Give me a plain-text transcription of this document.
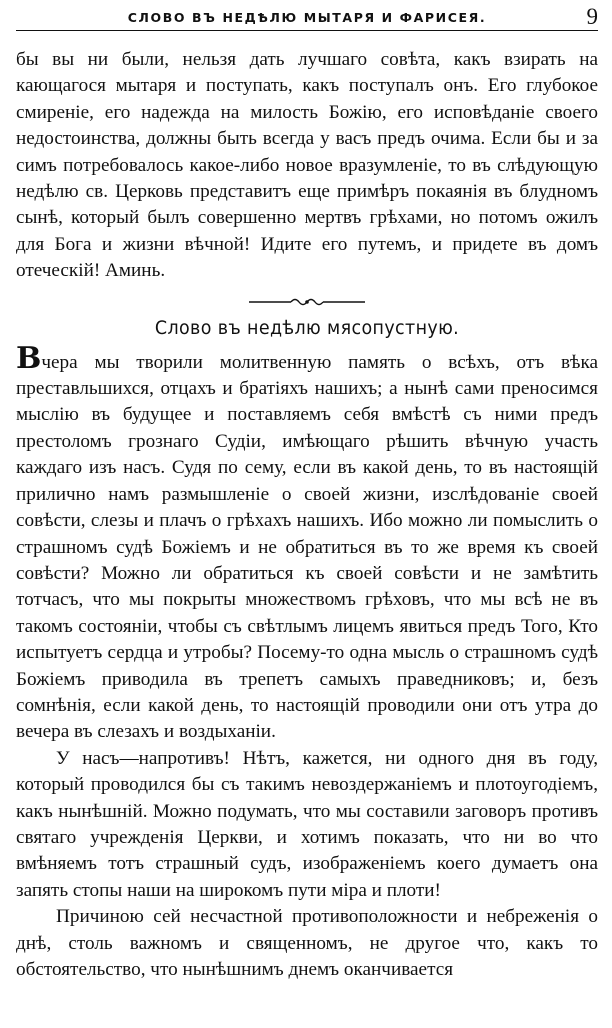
СЛОВО ВЪ НЕДѢЛЮ МЫТАРЯ И ФАРИСЕЯ.	9

бы вы ни были, нельзя дать лучшаго совѣта, какъ взирать на кающагося мытаря и поступать, какъ поступалъ онъ. Его глубокое смиреніе, его надежда на милость Божію, его исповѣданіе своего недостоинства, должны быть всегда у васъ предъ очима. Если бы и за симъ потребовалось какое-либо новое вразумленіе, то въ слѣдующую недѣлю св. Церковь представитъ еще примѣръ покаянія въ блудномъ сынѣ, который былъ совершенно мертвъ грѣхами, но потомъ ожилъ для Бога и жизни вѣчной! Идите его путемъ, и придете въ домъ отеческій! Аминь.

Слово въ недѣлю мясопустную.

Вчера мы творили молитвенную память о всѣхъ, отъ вѣка преставльшихся, отцахъ и братіяхъ нашихъ; а нынѣ сами преносимся мыслію въ будущее и поставляемъ себя вмѣстѣ съ ними предъ престоломъ грознаго Судіи, имѣющаго рѣшить вѣчную участь каждаго изъ насъ. Судя по сему, если въ какой день, то въ настоящій прилично намъ размышленіе о своей жизни, изслѣдованіе своей совѣсти, слезы и плачъ о грѣхахъ нашихъ. Ибо можно ли помыслить о страшномъ судѣ Божіемъ и не обратиться въ то же время къ своей совѣсти? Можно ли обратиться къ своей совѣсти и не замѣтить тотчасъ, что мы покрыты множествомъ грѣховъ, что мы всѣ не въ такомъ состояніи, чтобы съ свѣтлымъ лицемъ явиться предъ Того, Кто испытуетъ сердца и утробы? Посему-то одна мысль о страшномъ судѣ Божіемъ приводила въ трепетъ самыхъ праведниковъ; и, безъ сомнѣнія, если какой день, то настоящій проводили они отъ утра до вечера въ слезахъ и воздыханіи.

У насъ—напротивъ! Нѣтъ, кажется, ни одного дня въ году, который проводился бы съ такимъ невоздержаніемъ и плотоугодіемъ, какъ нынѣшній. Можно подумать, что мы составили заговоръ противъ святаго учрежденія Церкви, и хотимъ показать, что ни во что вмѣняемъ тотъ страшный судъ, изображеніемъ коего думаетъ она запять стопы наши на широкомъ пути міра и плоти!

Причиною сей несчастной противоположности и небреженія о днѣ, столь важномъ и священномъ, не другое что, какъ то обстоятельство, что нынѣшнимъ днемъ оканчивается
